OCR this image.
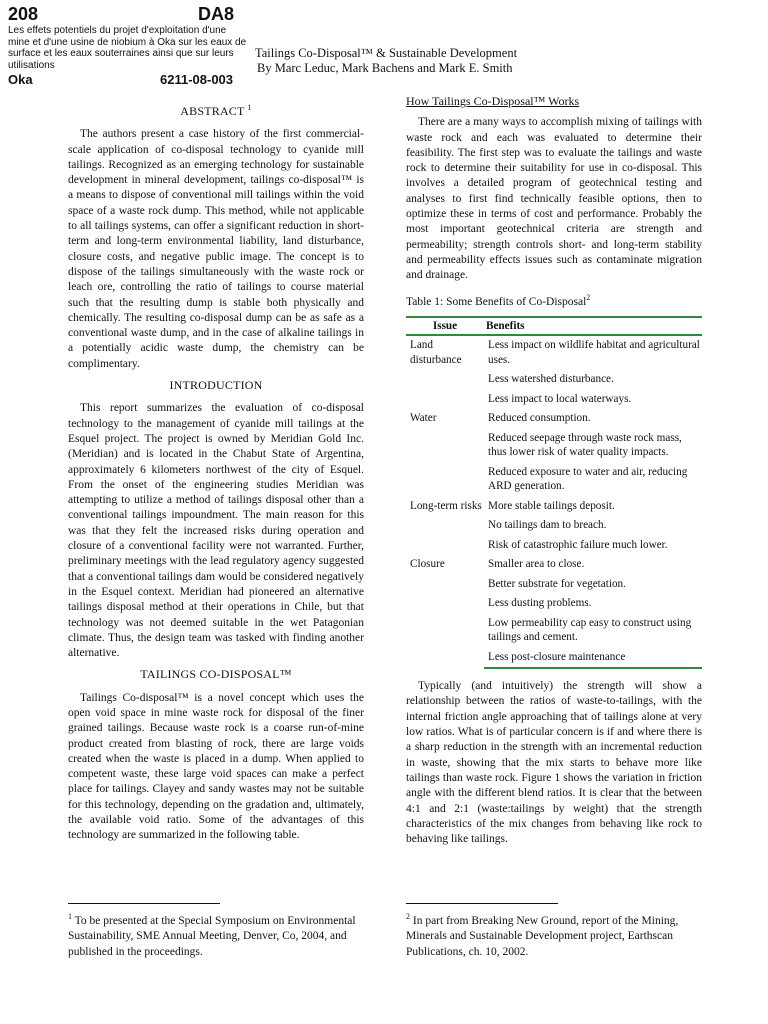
208	DA8
Les effets potentiels du projet d'exploitation d'une mine et d'une usine de niobium à Oka sur les eaux de surface et les eaux souterraines ainsi que sur leurs utilisations
Oka	6211-08-003
Tailings Co-Disposal™ & Sustainable Development
By Marc Leduc, Mark Bachens and Mark E. Smith
ABSTRACT $^1$

The authors present a case history of the first commercial-scale application of co-disposal technology to cyanide mill tailings. Recognized as an emerging technology for sustainable development in mineral development, tailings co-disposal™ is a means to dispose of conventional mill tailings within the void space of a waste rock dump. This method, while not applicable to all tailings systems, can offer a significant reduction in short-term and long-term environmental liability, land disturbance, closure costs, and negative public image. The concept is to dispose of the tailings simultaneously with the waste rock or leach ore, controlling the ratio of tailings to course material such that the resulting dump is stable both physically and chemically. The resulting co-disposal dump can be as safe as a conventional waste dump, and in the case of alkaline tailings in a potentially acidic waste dump, the chemistry can be complimentary.

INTRODUCTION

This report summarizes the evaluation of co-disposal technology to the management of cyanide mill tailings at the Esquel project. The project is owned by Meridian Gold Inc. (Meridian) and is located in the Chabut State of Argentina, approximately 6 kilometers northwest of the city of Esquel. From the onset of the engineering studies Meridian was attempting to utilize a method of tailings disposal other than a conventional tailings impoundment. The main reason for this was that they felt the increased risks during operation and closure of a conventional facility were not warranted. Further, preliminary meetings with the lead regulatory agency suggested that a conventional tailings dam would be considered negatively in the Esquel context. Meridian had pioneered an alternative tailings disposal method at their operations in Chile, but that technology was not deemed suitable in the wet Patagonian climate. Thus, the design team was tasked with finding another alternative.

TAILINGS CO-DISPOSAL™

Tailings Co-disposal™ is a novel concept which uses the open void space in mine waste rock for disposal of the finer grained tailings. Because waste rock is a coarse run-of-mine product created from blasting of rock, there are large voids created when the waste is placed in a dump. When applied to competent waste, these large void spaces can make a perfect place for tailings. Clayey and sandy wastes may not be suitable for this technology, depending on the gradation and, ultimately, the available void ratio. Some of the advantages of this technology are summarized in the following table.

How Tailings Co-Disposal™ Works

There are a many ways to accomplish mixing of tailings with waste rock and each was evaluated to determine their feasibility. The first step was to evaluate the tailings and waste rock to determine their suitability for use in co-disposal. This involves a detailed program of geotechnical testing and analyses to first find technically feasible options, then to optimize these in terms of cost and performance. Probably the most important geotechnical criteria are strength and permeability; strength controls short- and long-term stability and permeability effects issues such as contaminate migration and drainage.

Table 1: Some Benefits of Co-Disposal$^2$
Issue	Benefits
Land disturbance	Less impact on wildlife habitat and agricultural uses.
	Less watershed disturbance.
	Less impact to local waterways.
Water	Reduced consumption.
	Reduced seepage through waste rock mass, thus lower risk of water quality impacts.
	Reduced exposure to water and air, reducing ARD generation.
Long-term risks	More stable tailings deposit.
	No tailings dam to breach.
	Risk of catastrophic failure much lower.
Closure	Smaller area to close.
	Better substrate for vegetation.
	Less dusting problems.
	Low permeability cap easy to construct using tailings and cement.
	Less post-closure maintenance

Typically (and intuitively) the strength will show a relationship between the ratios of waste-to-tailings, with the internal friction angle approaching that of tailings alone at very low ratios. What is of particular concern is if and where there is a sharp reduction in the strength with an incremental reduction in waste, showing that the mix starts to behave more like tailings than waste rock. Figure 1 shows the variation in friction angle with the different blend ratios. It is clear that the between 4:1 and 2:1 (waste:tailings by weight) that the strength characteristics of the mix changes from behaving like rock to behaving like tailings.

$^1$ To be presented at the Special Symposium on Environmental Sustainability, SME Annual Meeting, Denver, Co, 2004, and published in the proceedings.
$^2$ In part from Breaking New Ground, report of the Mining, Minerals and Sustainable Development project, Earthscan Publications, ch. 10, 2002.
